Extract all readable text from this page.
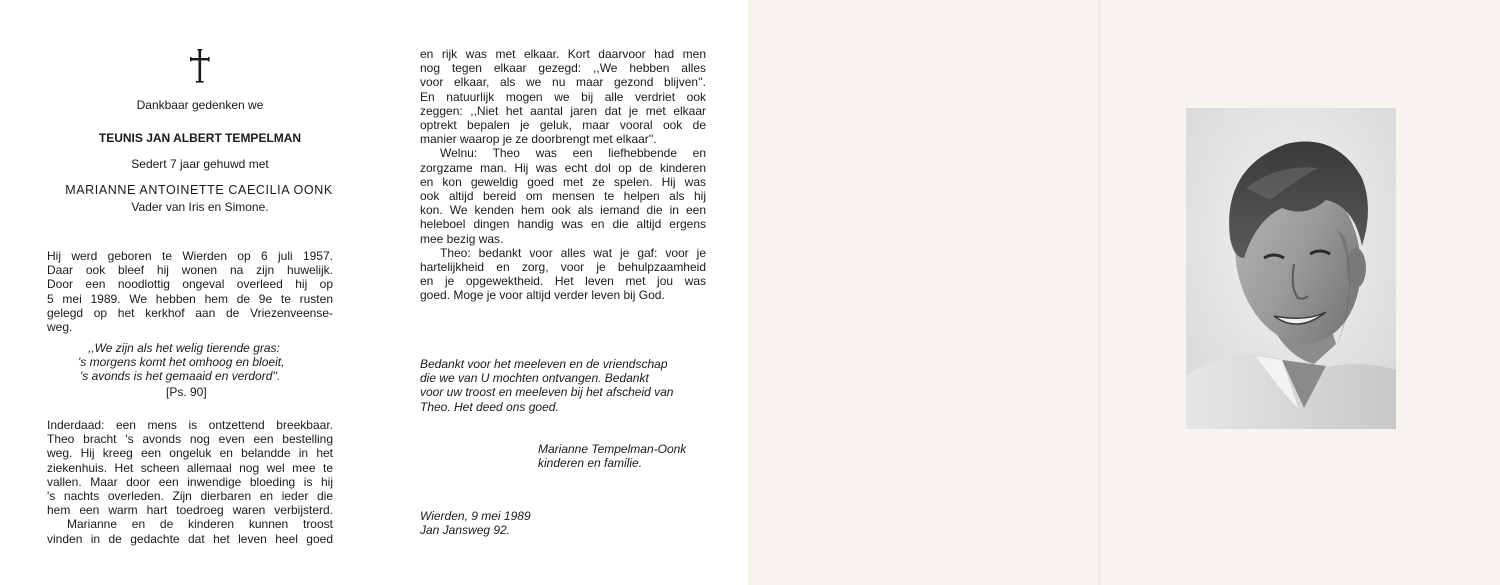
Dankbaar gedenken we
TEUNIS JAN ALBERT TEMPELMAN
Sedert 7 jaar gehuwd met
MARIANNE ANTOINETTE CAECILIA OONK
Vader van Iris en Simone.
Hij werd geboren te Wierden op 6 juli 1957.
Daar ook bleef hij wonen na zijn huwelijk.
Door een noodlottig ongeval overleed hij op
5 mei 1989. We hebben hem de 9e te rusten
gelegd op het kerkhof aan de Vriezenveense-
weg.
,,We zijn als het welig tierende gras:
's morgens komt het omhoog en bloeit,
's avonds is het gemaaid en verdord''.
[Ps. 90]
Inderdaad: een mens is ontzettend breekbaar.
Theo bracht 's avonds nog even een bestelling
weg. Hij kreeg een ongeluk en belandde in het
ziekenhuis. Het scheen allemaal nog wel mee te
vallen. Maar door een inwendige bloeding is hij
's nachts overleden. Zijn dierbaren en ieder die
hem een warm hart toedroeg waren verbijsterd.
Marianne en de kinderen kunnen troost
vinden in de gedachte dat het leven heel goed
en rijk was met elkaar. Kort daarvoor had men
nog tegen elkaar gezegd: ,,We hebben alles
voor elkaar, als we nu maar gezond blijven''.
En natuurlijk mogen we bij alle verdriet ook
zeggen: ,,Niet het aantal jaren dat je met elkaar
optrekt bepalen je geluk, maar vooral ook de
manier waarop je ze doorbrengt met elkaar''.
Welnu: Theo was een liefhebbende en
zorgzame man. Hij was echt dol op de kinderen
en kon geweldig goed met ze spelen. Hij was
ook altijd bereid om mensen te helpen als hij
kon. We kenden hem ook als iemand die in een
heleboel dingen handig was en die altijd ergens
mee bezig was.
Theo: bedankt voor alles wat je gaf: voor je
hartelijkheid en zorg, voor je behulpzaamheid
en je opgewektheid. Het leven met jou was
goed. Moge je voor altijd verder leven bij God.
Bedankt voor het meeleven en de vriendschap
die we van U mochten ontvangen. Bedankt
voor uw troost en meeleven bij het afscheid van
Theo. Het deed ons goed.
Marianne Tempelman-Oonk
kinderen en familie.
Wierden, 9 mei 1989
Jan Jansweg 92.
